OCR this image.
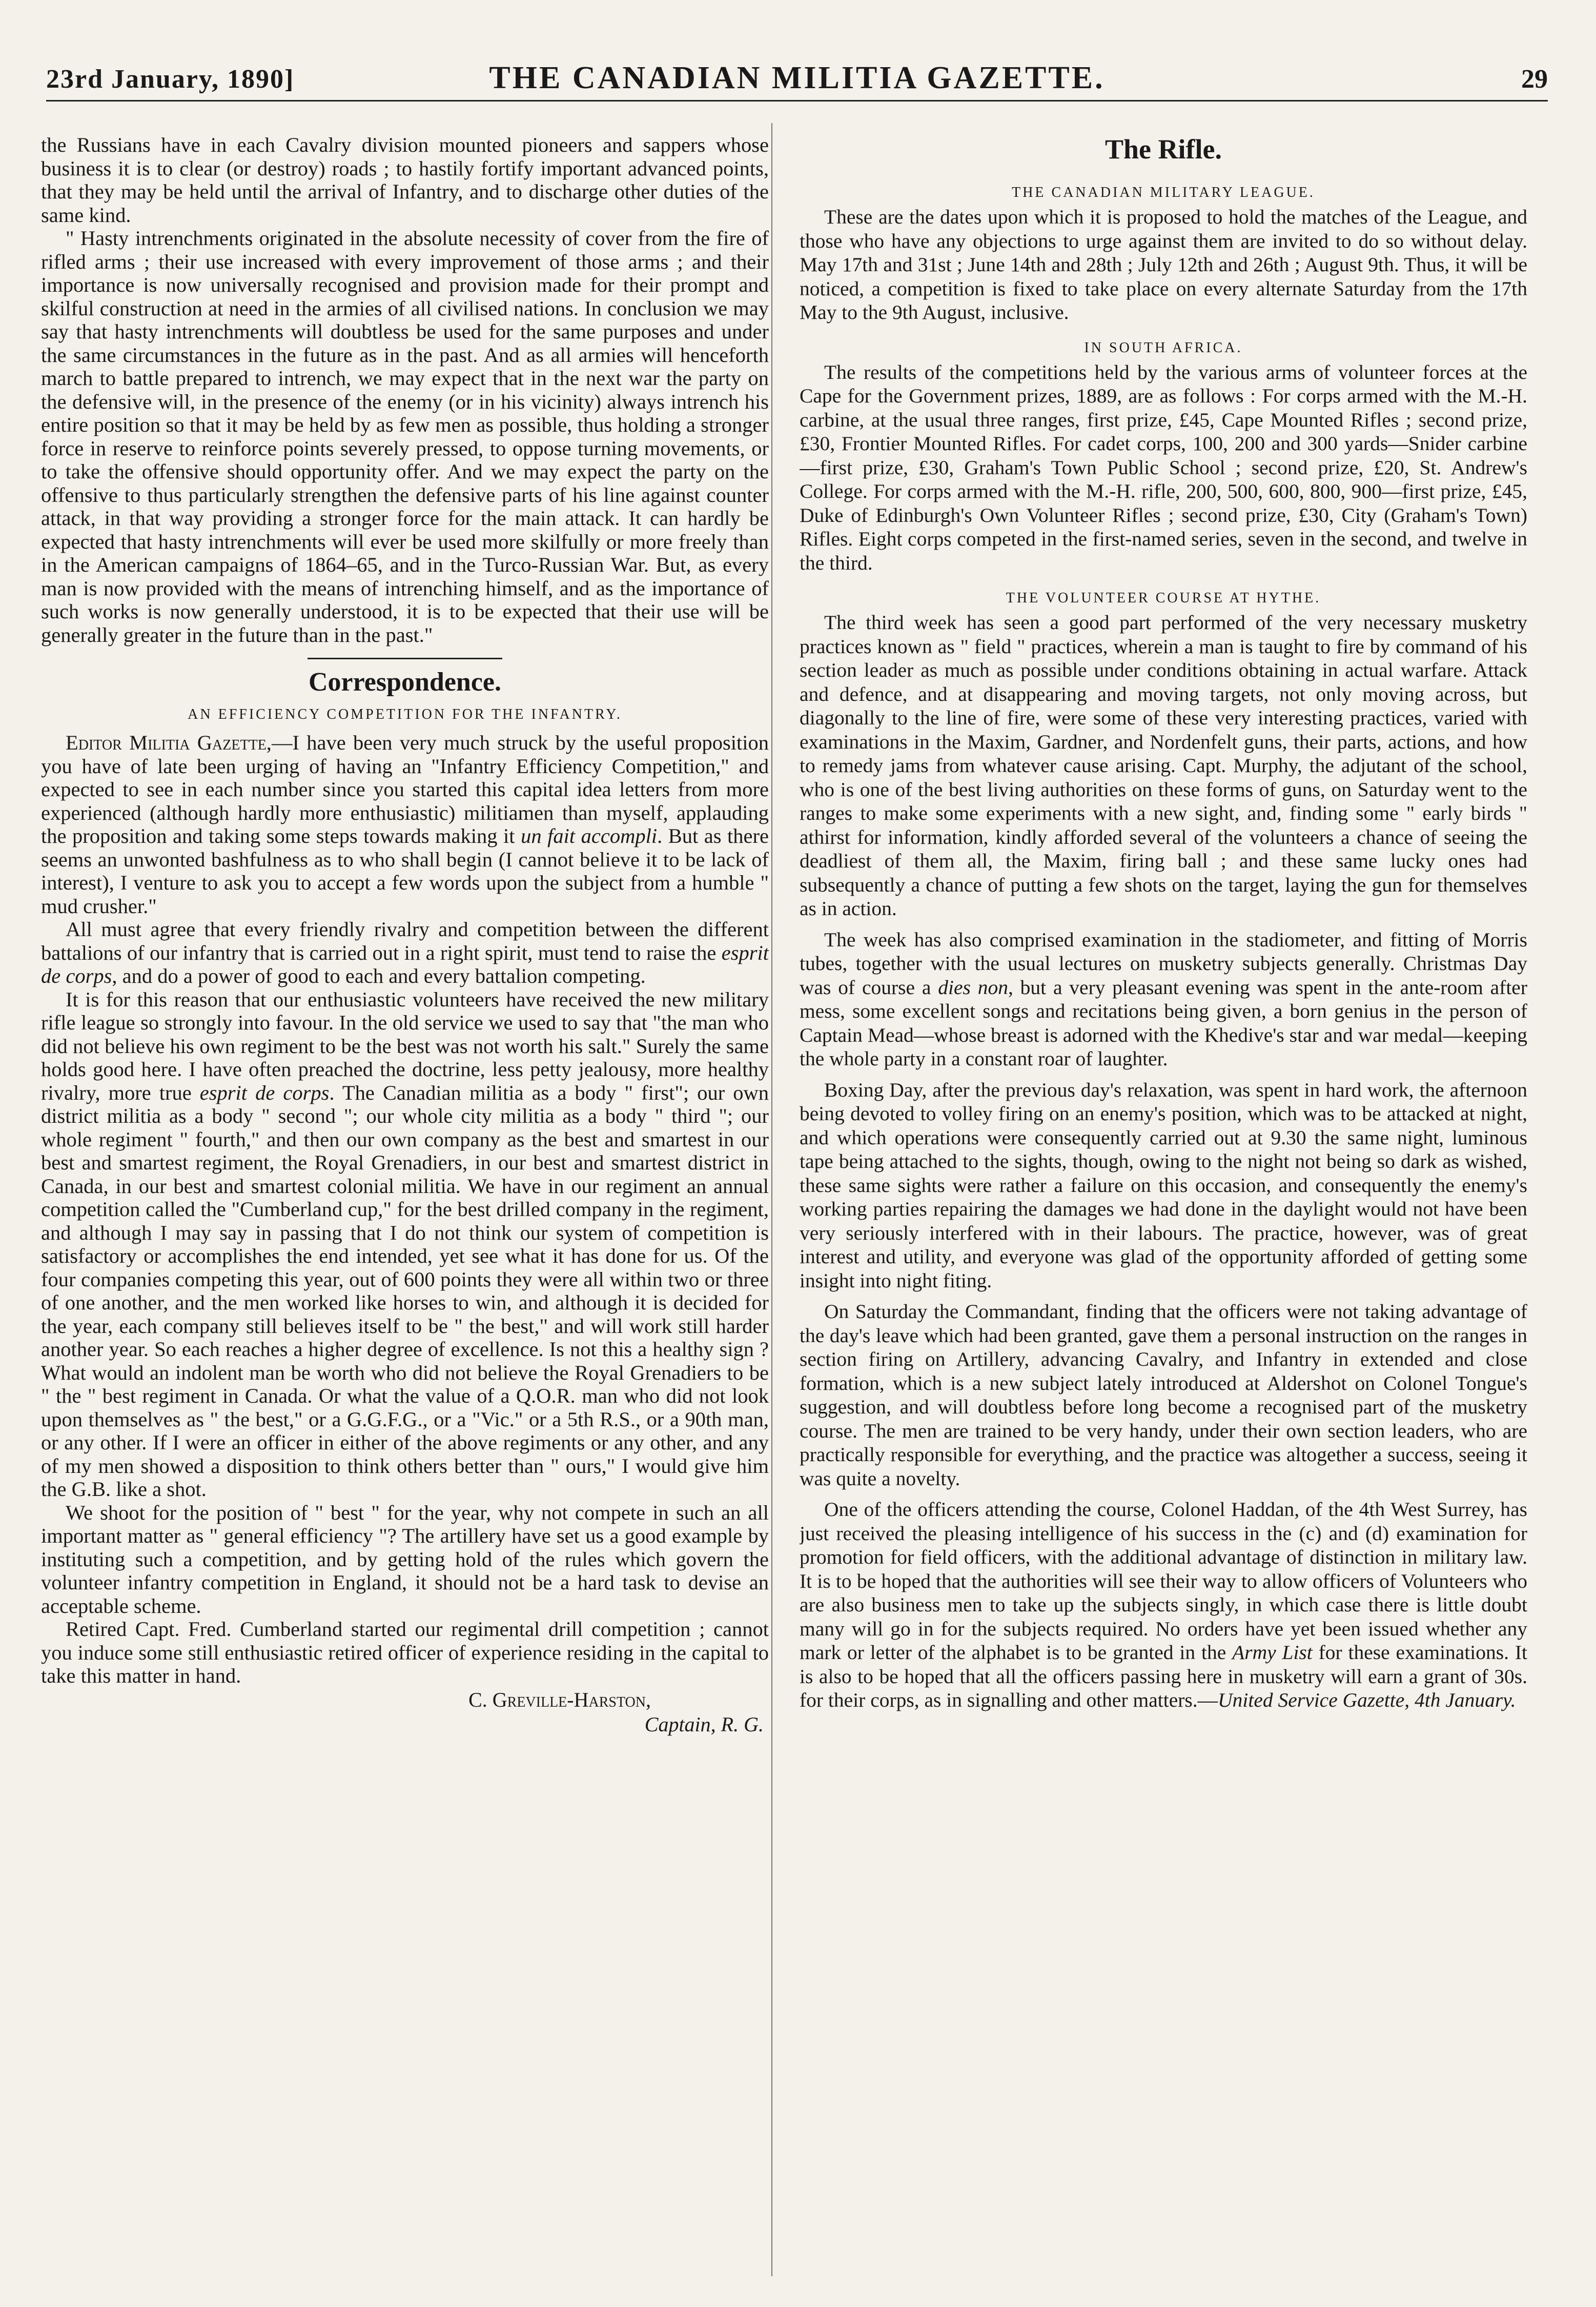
23rd January, 1890]	THE CANADIAN MILITIA GAZETTE.	29

the Russians have in each Cavalry division mounted pioneers and sappers whose business it is to clear (or destroy) roads ; to hastily fortify important advanced points, that they may be held until the arrival of Infantry, and to discharge other duties of the same kind.

" Hasty intrenchments originated in the absolute necessity of cover from the fire of rifled arms ; their use increased with every improvement of those arms ; and their importance is now universally recognised and provision made for their prompt and skilful construction at need in the armies of all civilised nations. In conclusion we may say that hasty intrenchments will doubtless be used for the same purposes and under the same circumstances in the future as in the past. And as all armies will henceforth march to battle prepared to intrench, we may expect that in the next war the party on the defensive will, in the presence of the enemy (or in his vicinity) always intrench his entire position so that it may be held by as few men as possible, thus holding a stronger force in reserve to reinforce points severely pressed, to oppose turning movements, or to take the offensive should opportunity offer. And we may expect the party on the offensive to thus particularly strengthen the defensive parts of his line against counter attack, in that way providing a stronger force for the main attack. It can hardly be expected that hasty intrenchments will ever be used more skilfully or more freely than in the American campaigns of 1864–65, and in the Turco-Russian War. But, as every man is now provided with the means of intrenching himself, and as the importance of such works is now generally understood, it is to be expected that their use will be generally greater in the future than in the past."

Correspondence.
AN EFFICIENCY COMPETITION FOR THE INFANTRY.

Editor Militia Gazette,—I have been very much struck by the useful proposition you have of late been urging of having an "Infantry Efficiency Competition," and expected to see in each number since you started this capital idea letters from more experienced (although hardly more enthusiastic) militiamen than myself, applauding the proposition and taking some steps towards making it un fait accompli. But as there seems an unwonted bashfulness as to who shall begin (I cannot believe it to be lack of interest), I venture to ask you to accept a few words upon the subject from a humble " mud crusher."

All must agree that every friendly rivalry and competition between the different battalions of our infantry that is carried out in a right spirit, must tend to raise the esprit de corps, and do a power of good to each and every battalion competing.

It is for this reason that our enthusiastic volunteers have received the new military rifle league so strongly into favour. In the old service we used to say that "the man who did not believe his own regiment to be the best was not worth his salt." Surely the same holds good here. I have often preached the doctrine, less petty jealousy, more healthy rivalry, more true esprit de corps. The Canadian militia as a body " first"; our own district militia as a body " second "; our whole city militia as a body " third "; our whole regiment " fourth," and then our own company as the best and smartest in our best and smartest regiment, the Royal Grenadiers, in our best and smartest district in Canada, in our best and smartest colonial militia. We have in our regiment an annual competition called the "Cumberland cup," for the best drilled company in the regiment, and although I may say in passing that I do not think our system of competition is satisfactory or accomplishes the end intended, yet see what it has done for us. Of the four companies competing this year, out of 600 points they were all within two or three of one another, and the men worked like horses to win, and although it is decided for the year, each company still believes itself to be " the best," and will work still harder another year. So each reaches a higher degree of excellence. Is not this a healthy sign ? What would an indolent man be worth who did not believe the Royal Grenadiers to be " the " best regiment in Canada. Or what the value of a Q.O.R. man who did not look upon themselves as " the best," or a G.G.F.G., or a "Vic." or a 5th R.S., or a 90th man, or any other. If I were an officer in either of the above regiments or any other, and any of my men showed a disposition to think others better than " ours," I would give him the G.B. like a shot.

We shoot for the position of " best " for the year, why not compete in such an all important matter as " general efficiency "? The artillery have set us a good example by instituting such a competition, and by getting hold of the rules which govern the volunteer infantry competition in England, it should not be a hard task to devise an acceptable scheme.

Retired Capt. Fred. Cumberland started our regimental drill competition ; cannot you induce some still enthusiastic retired officer of experience residing in the capital to take this matter in hand.

C. Greville-Harston,
Captain, R. G.
The Rifle.
THE CANADIAN MILITARY LEAGUE.

These are the dates upon which it is proposed to hold the matches of the League, and those who have any objections to urge against them are invited to do so without delay. May 17th and 31st ; June 14th and 28th ; July 12th and 26th ; August 9th. Thus, it will be noticed, a competition is fixed to take place on every alternate Saturday from the 17th May to the 9th August, inclusive.

IN SOUTH AFRICA.

The results of the competitions held by the various arms of volunteer forces at the Cape for the Government prizes, 1889, are as follows : For corps armed with the M.-H. carbine, at the usual three ranges, first prize, £45, Cape Mounted Rifles ; second prize, £30, Frontier Mounted Rifles. For cadet corps, 100, 200 and 300 yards—Snider carbine—first prize, £30, Graham's Town Public School ; second prize, £20, St. Andrew's College. For corps armed with the M.-H. rifle, 200, 500, 600, 800, 900—first prize, £45, Duke of Edinburgh's Own Volunteer Rifles ; second prize, £30, City (Graham's Town) Rifles. Eight corps competed in the first-named series, seven in the second, and twelve in the third.

THE VOLUNTEER COURSE AT HYTHE.

The third week has seen a good part performed of the very necessary musketry practices known as " field " practices, wherein a man is taught to fire by command of his section leader as much as possible under conditions obtaining in actual warfare. Attack and defence, and at disappearing and moving targets, not only moving across, but diagonally to the line of fire, were some of these very interesting practices, varied with examinations in the Maxim, Gardner, and Nordenfelt guns, their parts, actions, and how to remedy jams from whatever cause arising. Capt. Murphy, the adjutant of the school, who is one of the best living authorities on these forms of guns, on Saturday went to the ranges to make some experiments with a new sight, and, finding some " early birds " athirst for information, kindly afforded several of the volunteers a chance of seeing the deadliest of them all, the Maxim, firing ball ; and these same lucky ones had subsequently a chance of putting a few shots on the target, laying the gun for themselves as in action.

The week has also comprised examination in the stadiometer, and fitting of Morris tubes, together with the usual lectures on musketry subjects generally. Christmas Day was of course a dies non, but a very pleasant evening was spent in the ante-room after mess, some excellent songs and recitations being given, a born genius in the person of Captain Mead—whose breast is adorned with the Khedive's star and war medal—keeping the whole party in a constant roar of laughter.

Boxing Day, after the previous day's relaxation, was spent in hard work, the afternoon being devoted to volley firing on an enemy's position, which was to be attacked at night, and which operations were consequently carried out at 9.30 the same night, luminous tape being attached to the sights, though, owing to the night not being so dark as wished, these same sights were rather a failure on this occasion, and consequently the enemy's working parties repairing the damages we had done in the daylight would not have been very seriously interfered with in their labours. The practice, however, was of great interest and utility, and everyone was glad of the opportunity afforded of getting some insight into night fiting.

On Saturday the Commandant, finding that the officers were not taking advantage of the day's leave which had been granted, gave them a personal instruction on the ranges in section firing on Artillery, advancing Cavalry, and Infantry in extended and close formation, which is a new subject lately introduced at Aldershot on Colonel Tongue's suggestion, and will doubtless before long become a recognised part of the musketry course. The men are trained to be very handy, under their own section leaders, who are practically responsible for everything, and the practice was altogether a success, seeing it was quite a novelty.

One of the officers attending the course, Colonel Haddan, of the 4th West Surrey, has just received the pleasing intelligence of his success in the (c) and (d) examination for promotion for field officers, with the additional advantage of distinction in military law. It is to be hoped that the authorities will see their way to allow officers of Volunteers who are also business men to take up the subjects singly, in which case there is little doubt many will go in for the subjects required. No orders have yet been issued whether any mark or letter of the alphabet is to be granted in the Army List for these examinations. It is also to be hoped that all the officers passing here in musketry will earn a grant of 30s. for their corps, as in signalling and other matters.—United Service Gazette, 4th January.
